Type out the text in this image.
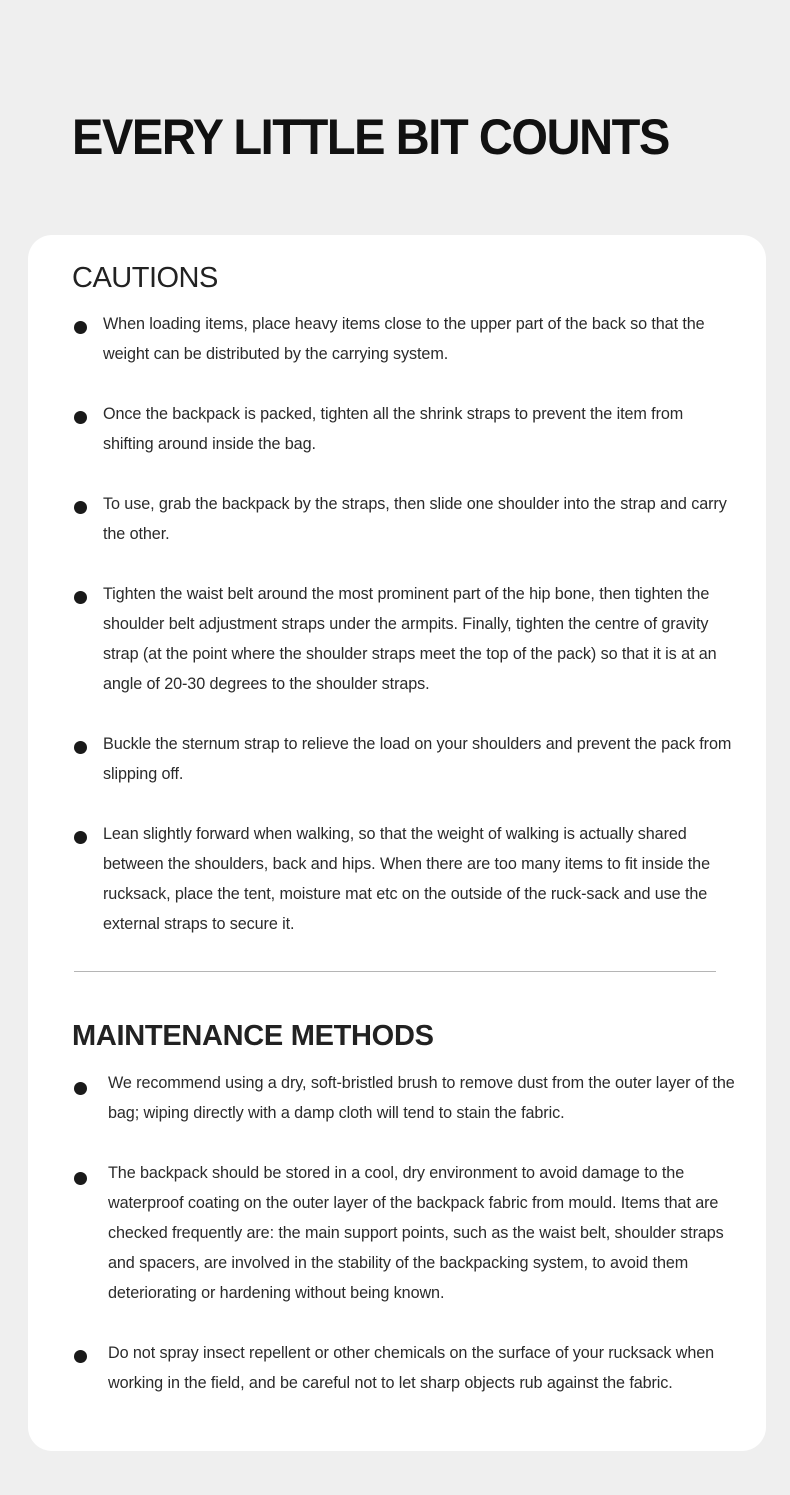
EVERY LITTLE BIT COUNTS
CAUTIONS

When loading items, place heavy items close to the upper part of the back so that the weight can be distributed by the carrying system.

Once the backpack is packed, tighten all the shrink straps to prevent the item from shifting around inside the bag.

To use, grab the backpack by the straps, then slide one shoulder into the strap and carry the other.

Tighten the waist belt around the most prominent part of the hip bone, then tighten the shoulder belt adjustment straps under the armpits. Finally, tighten the centre of gravity strap (at the point where the shoulder straps meet the top of the pack) so that it is at an angle of 20-30 degrees to the shoulder straps.

Buckle the sternum strap to relieve the load on your shoulders and prevent the pack from slipping off.

Lean slightly forward when walking, so that the weight of walking is actually shared between the shoulders, back and hips. When there are too many items to fit inside the rucksack, place the tent, moisture mat etc on the outside of the ruck-sack and use the external straps to secure it.

MAINTENANCE METHODS

We recommend using a dry, soft-bristled brush to remove dust from the outer layer of the bag; wiping directly with a damp cloth will tend to stain the fabric.

The backpack should be stored in a cool, dry environment to avoid damage to the waterproof coating on the outer layer of the backpack fabric from mould. Items that are checked frequently are: the main support points, such as the waist belt, shoulder straps and spacers, are involved in the stability of the backpacking system, to avoid them deteriorating or hardening without being known.

Do not spray insect repellent or other chemicals on the surface of your rucksack when working in the field, and be careful not to let sharp objects rub against the fabric.
